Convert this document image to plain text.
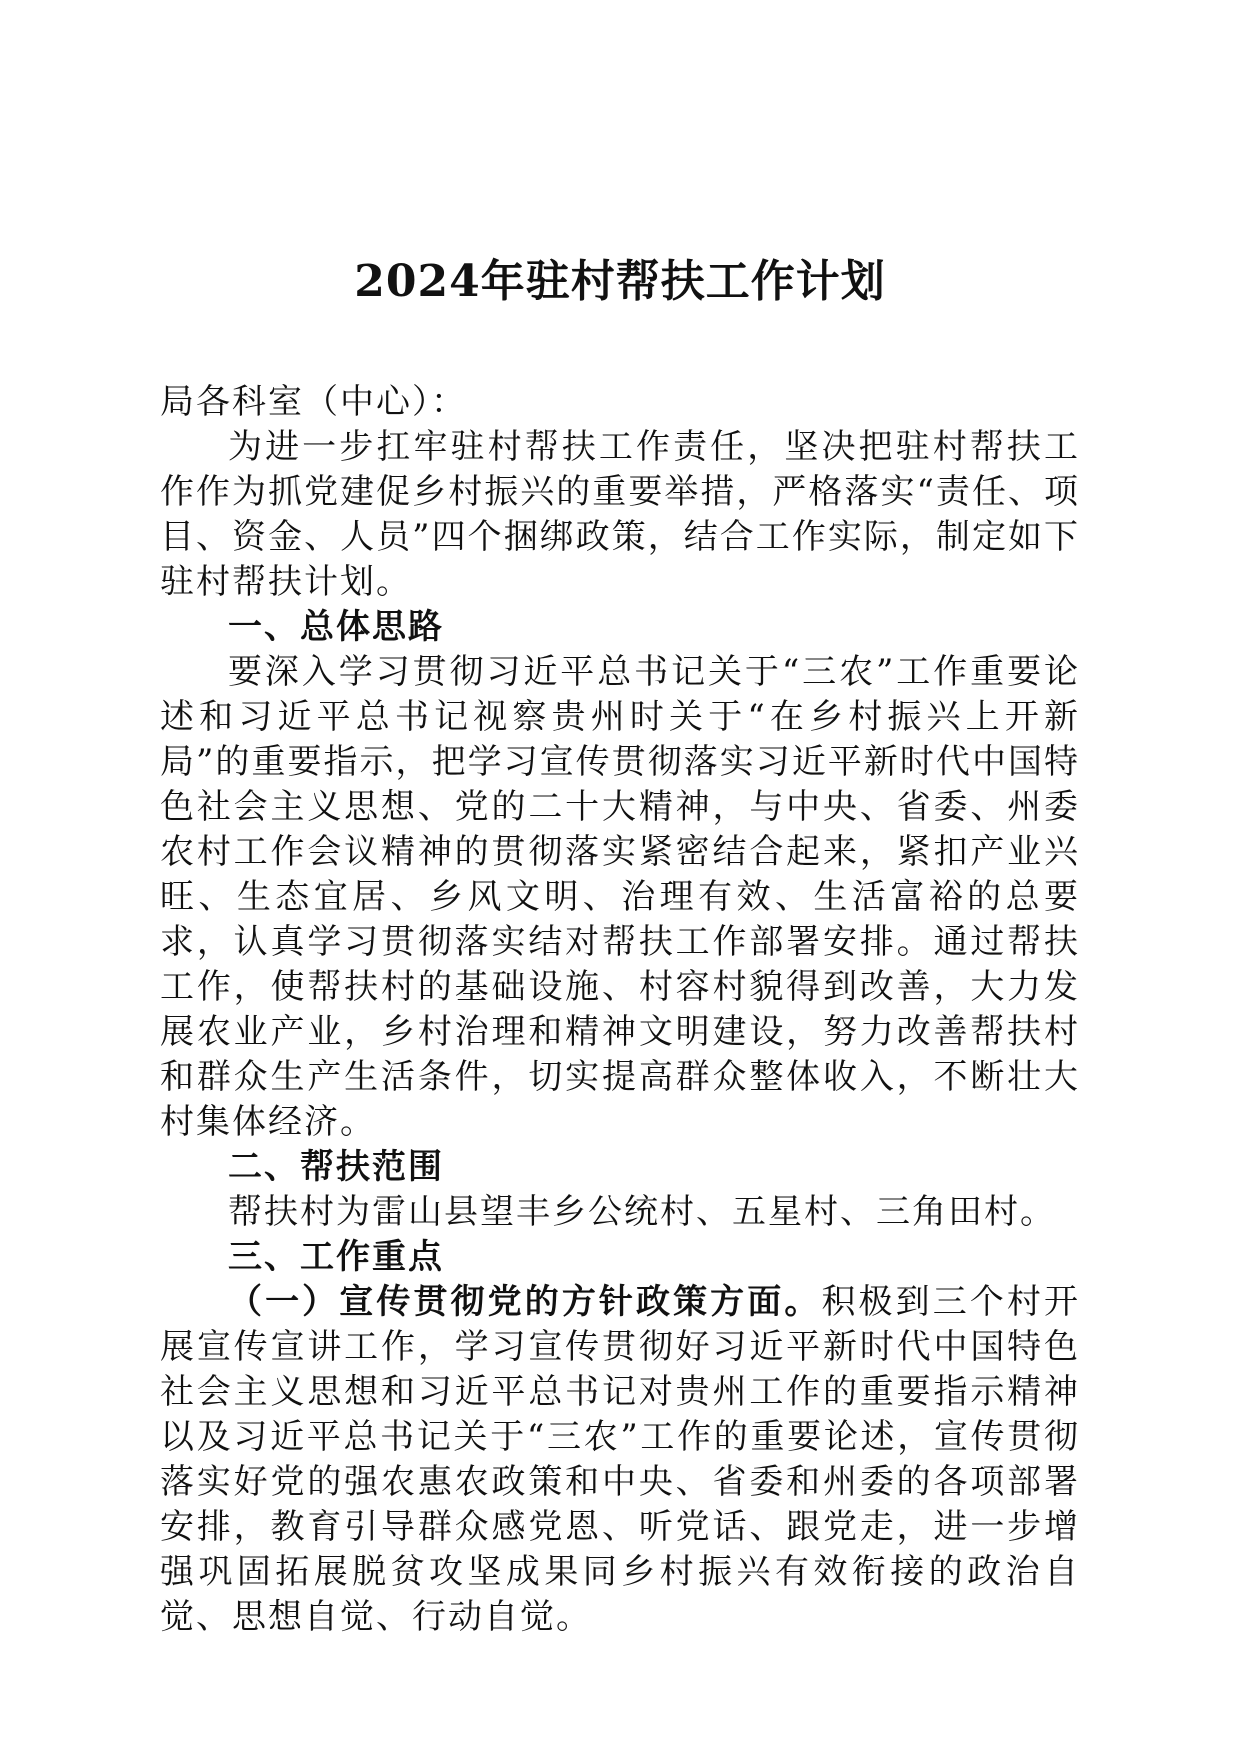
2024年驻村帮扶工作计划

局各科室（中心）：

为进一步扛牢驻村帮扶工作责任，坚决把驻村帮扶工作作为抓党建促乡村振兴的重要举措，严格落实“责任、项目、资金、人员”四个捆绑政策，结合工作实际，制定如下驻村帮扶计划。

一、总体思路

要深入学习贯彻习近平总书记关于“三农”工作重要论述和习近平总书记视察贵州时关于“在乡村振兴上开新局”的重要指示，把学习宣传贯彻落实习近平新时代中国特色社会主义思想、党的二十大精神，与中央、省委、州委农村工作会议精神的贯彻落实紧密结合起来，紧扣产业兴旺、生态宜居、乡风文明、治理有效、生活富裕的总要求，认真学习贯彻落实结对帮扶工作部署安排。通过帮扶工作，使帮扶村的基础设施、村容村貌得到改善，大力发展农业产业，乡村治理和精神文明建设，努力改善帮扶村和群众生产生活条件，切实提高群众整体收入，不断壮大村集体经济。

二、帮扶范围

帮扶村为雷山县望丰乡公统村、五星村、三角田村。

三、工作重点

（一）宣传贯彻党的方针政策方面。积极到三个村开展宣传宣讲工作，学习宣传贯彻好习近平新时代中国特色社会主义思想和习近平总书记对贵州工作的重要指示精神以及习近平总书记关于“三农”工作的重要论述，宣传贯彻落实好党的强农惠农政策和中央、省委和州委的各项部署安排，教育引导群众感党恩、听党话、跟党走，进一步增强巩固拓展脱贫攻坚成果同乡村振兴有效衔接的政治自觉、思想自觉、行动自觉。
